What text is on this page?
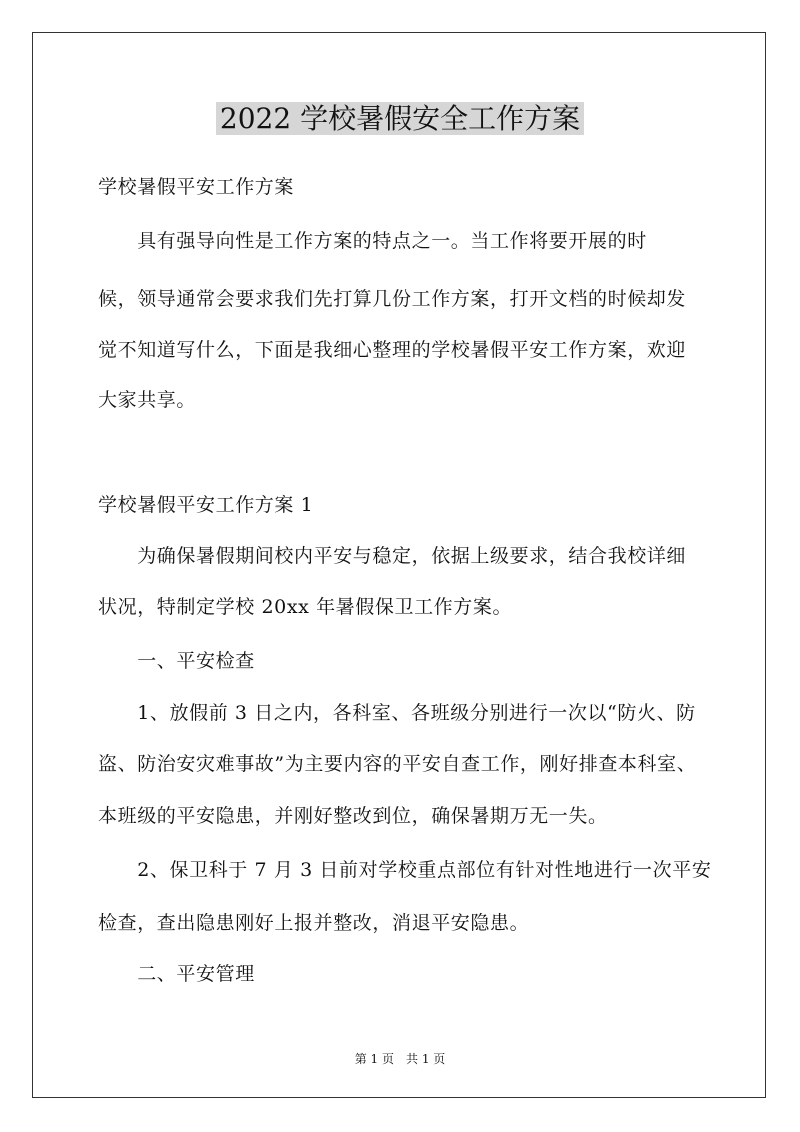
2022 学校暑假安全工作方案
学校暑假平安工作方案
　　具有强导向性是工作方案的特点之一。当工作将要开展的时
候，领导通常会要求我们先打算几份工作方案，打开文档的时候却发
觉不知道写什么，下面是我细心整理的学校暑假平安工作方案，欢迎
大家共享。
学校暑假平安工作方案 1
　　为确保暑假期间校内平安与稳定，依据上级要求，结合我校详细
状况，特制定学校 20xx 年暑假保卫工作方案。
　　一、平安检查
　　1、放假前 3 日之内，各科室、各班级分别进行一次以“防火、防
盗、防治安灾难事故”为主要内容的平安自查工作，刚好排查本科室、
本班级的平安隐患，并刚好整改到位，确保暑期万无一失。
　　2、保卫科于 7 月 3 日前对学校重点部位有针对性地进行一次平安
检查，查出隐患刚好上报并整改，消退平安隐患。
　　二、平安管理
第 1 页　共 1 页
